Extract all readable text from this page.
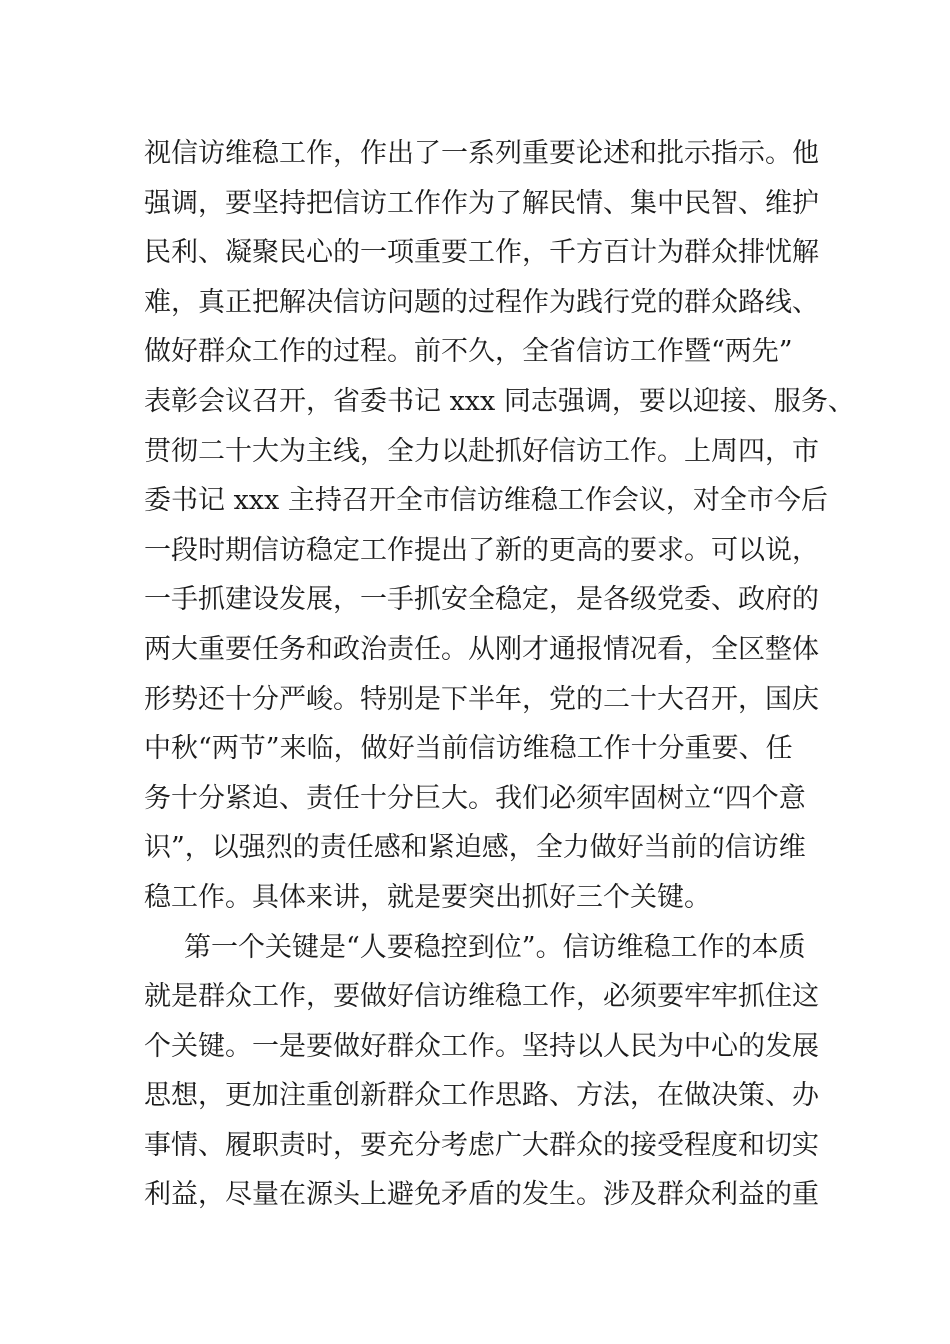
视信访维稳工作，作出了一系列重要论述和批示指示。他
强调，要坚持把信访工作作为了解民情、集中民智、维护
民利、凝聚民心的一项重要工作，千方百计为群众排忧解
难，真正把解决信访问题的过程作为践行党的群众路线、
做好群众工作的过程。前不久，全省信访工作暨“两先”
表彰会议召开，省委书记 xxx 同志强调，要以迎接、服务、
贯彻二十大为主线，全力以赴抓好信访工作。上周四，市
委书记 xxx 主持召开全市信访维稳工作会议，对全市今后
一段时期信访稳定工作提出了新的更高的要求。可以说，
一手抓建设发展，一手抓安全稳定，是各级党委、政府的
两大重要任务和政治责任。从刚才通报情况看，全区整体
形势还十分严峻。特别是下半年，党的二十大召开，国庆
中秋“两节”来临，做好当前信访维稳工作十分重要、任
务十分紧迫、责任十分巨大。我们必须牢固树立“四个意
识”，以强烈的责任感和紧迫感，全力做好当前的信访维
稳工作。具体来讲，就是要突出抓好三个关键。
第一个关键是“人要稳控到位”。信访维稳工作的本质
就是群众工作，要做好信访维稳工作，必须要牢牢抓住这
个关键。一是要做好群众工作。坚持以人民为中心的发展
思想，更加注重创新群众工作思路、方法，在做决策、办
事情、履职责时，要充分考虑广大群众的接受程度和切实
利益，尽量在源头上避免矛盾的发生。涉及群众利益的重
